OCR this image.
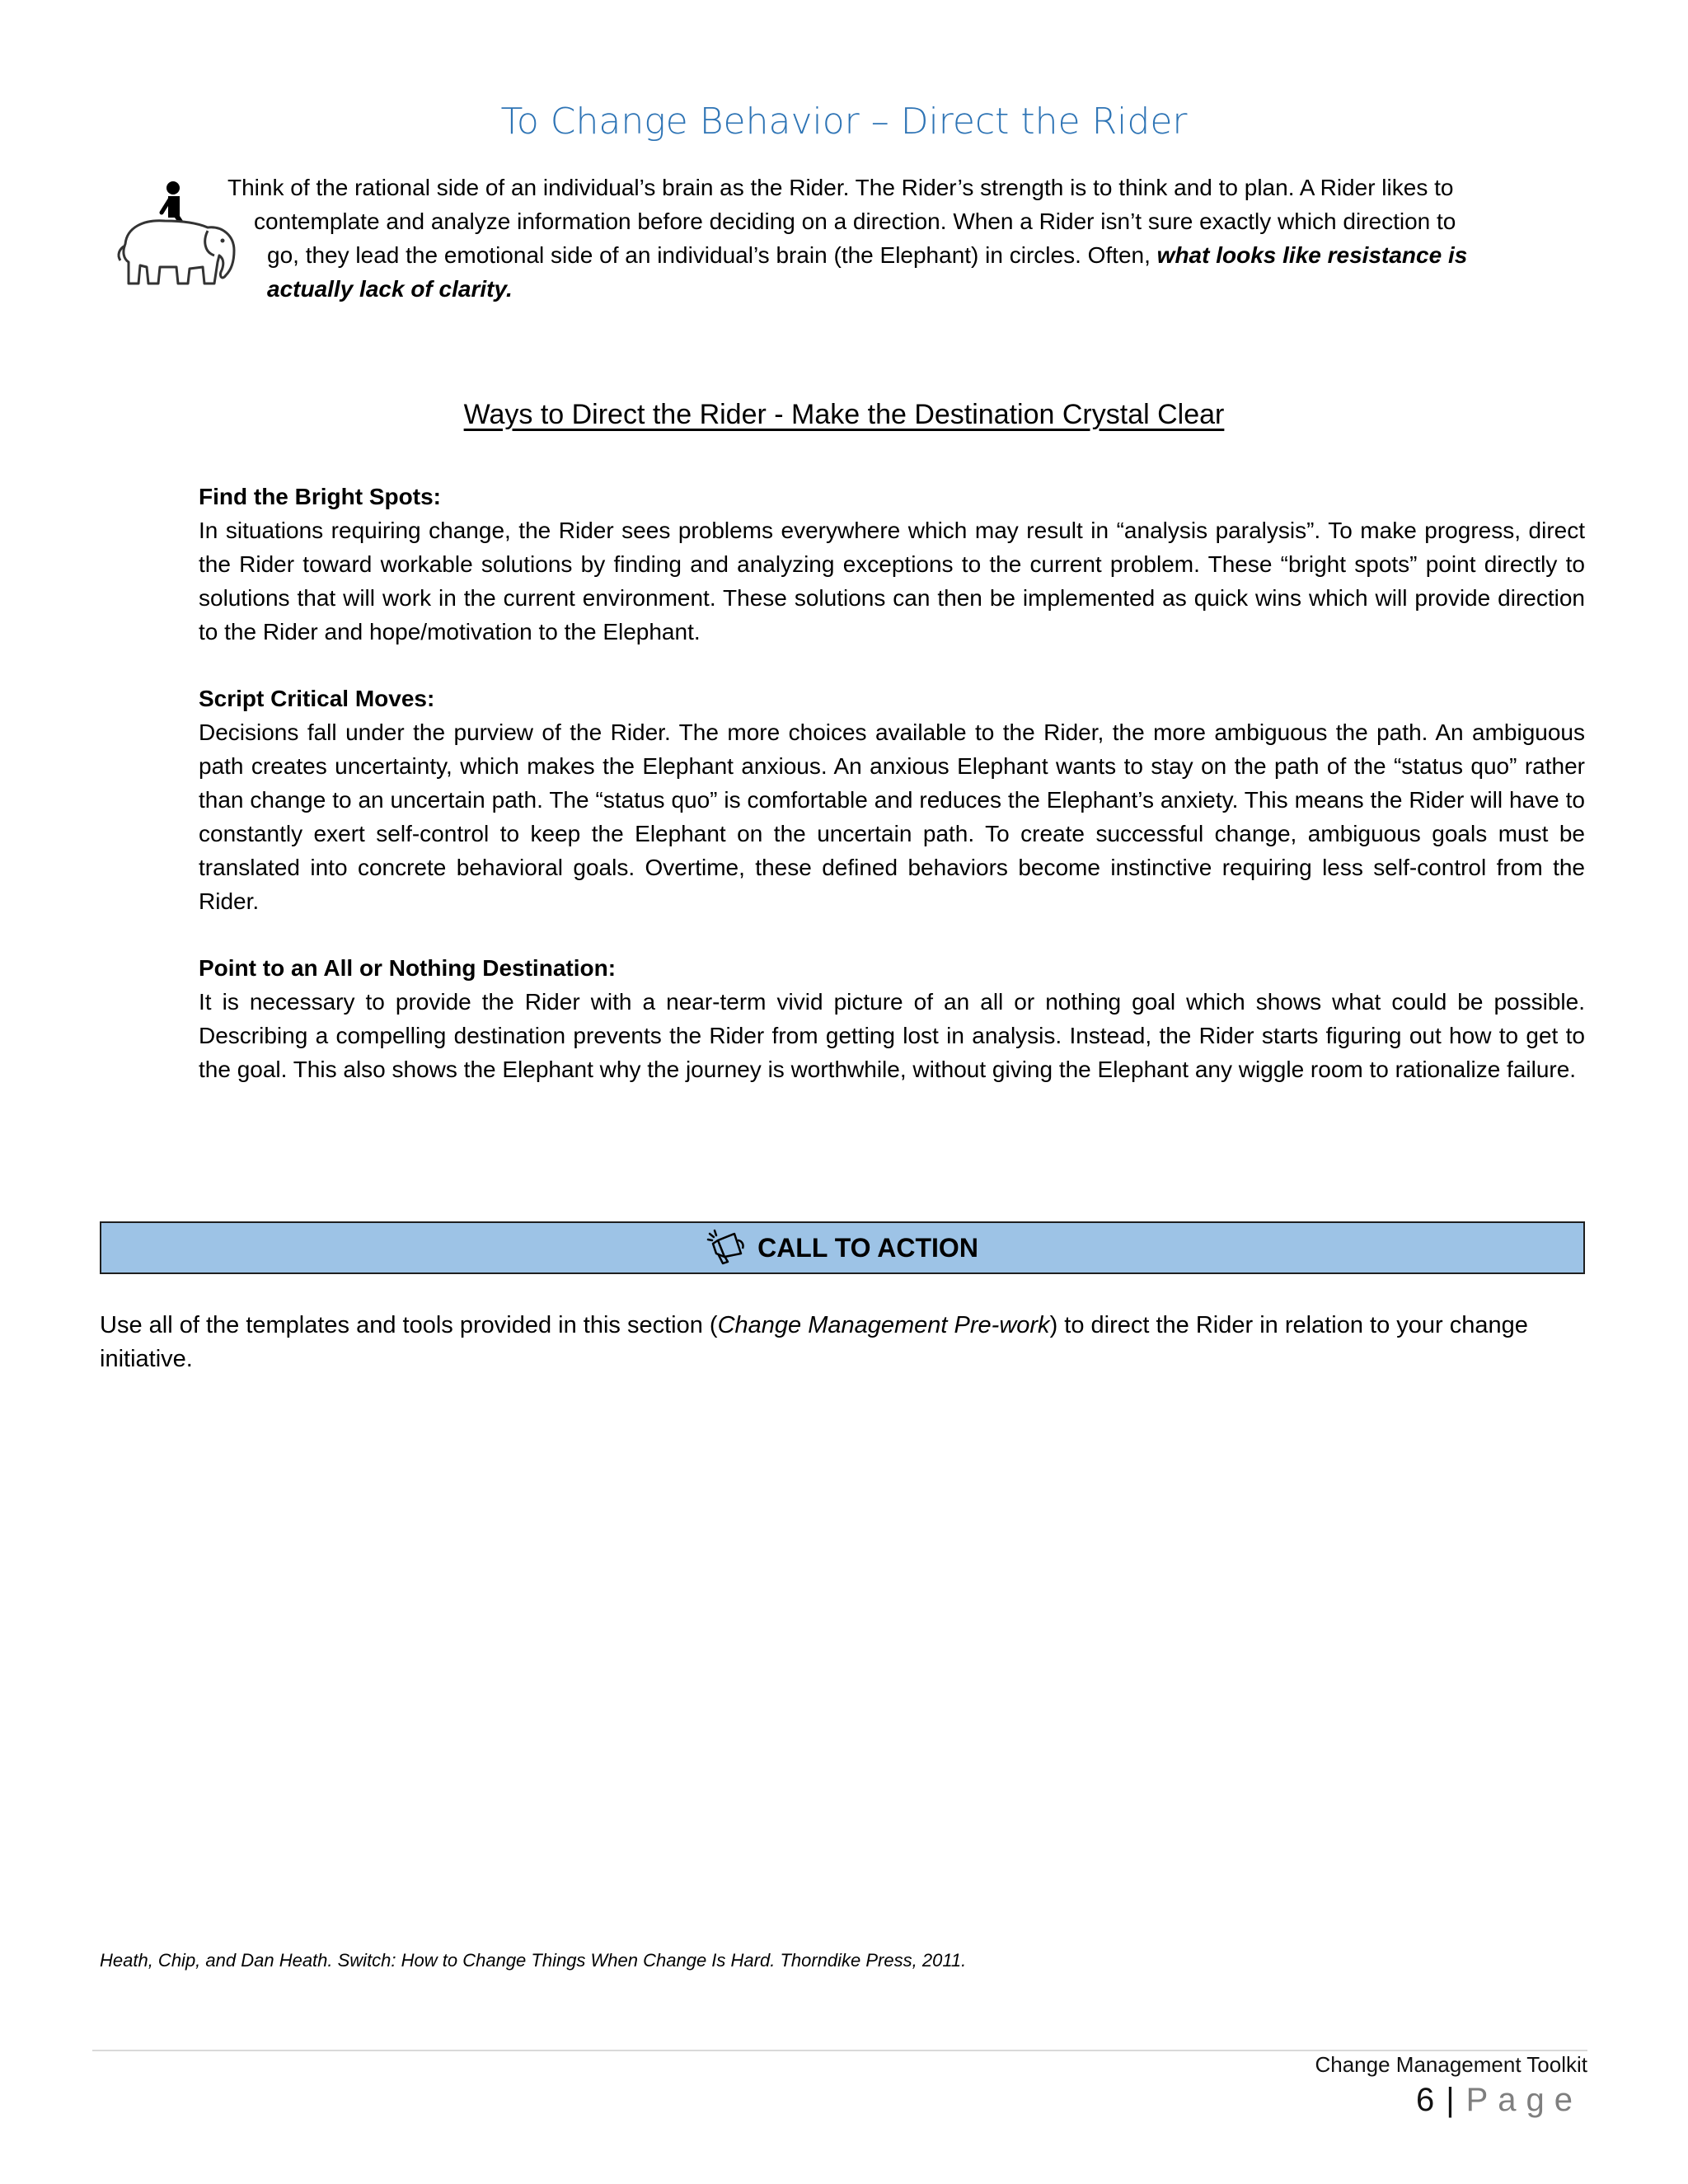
To Change Behavior – Direct the Rider
Think of the rational side of an individual’s brain as the Rider. The Rider’s strength is to think and to plan. A Rider likes to
contemplate and analyze information before deciding on a direction. When a Rider isn’t sure exactly which direction to
go, they lead the emotional side of an individual’s brain (the Elephant) in circles. Often, what looks like resistance is
actually lack of clarity.
Ways to Direct the Rider - Make the Destination Crystal Clear
Find the Bright Spots:

In situations requiring change, the Rider sees problems everywhere which may result in “analysis paralysis”. To make progress, direct the Rider toward workable solutions by finding and analyzing exceptions to the current problem. These “bright spots” point directly to solutions that will work in the current environment. These solutions can then be implemented as quick wins which will provide direction to the Rider and hope/motivation to the Elephant.

Script Critical Moves:

Decisions fall under the purview of the Rider. The more choices available to the Rider, the more ambiguous the path. An ambiguous path creates uncertainty, which makes the Elephant anxious. An anxious Elephant wants to stay on the path of the “status quo” rather than change to an uncertain path. The “status quo” is comfortable and reduces the Elephant’s anxiety. This means the Rider will have to constantly exert self-control to keep the Elephant on the uncertain path. To create successful change, ambiguous goals must be translated into concrete behavioral goals. Overtime, these defined behaviors become instinctive requiring less self-control from the Rider.

Point to an All or Nothing Destination:

It is necessary to provide the Rider with a near-term vivid picture of an all or nothing goal which shows what could be possible. Describing a compelling destination prevents the Rider from getting lost in analysis. Instead, the Rider starts figuring out how to get to the goal. This also shows the Elephant why the journey is worthwhile, without giving the Elephant any wiggle room to rationalize failure.

CALL TO ACTION
Use all of the templates and tools provided in this section (Change Management Pre-work) to direct the Rider in relation to your change initiative.
Heath, Chip, and Dan Heath. Switch: How to Change Things When Change Is Hard. Thorndike Press, 2011.
Change Management Toolkit
6 | Page
